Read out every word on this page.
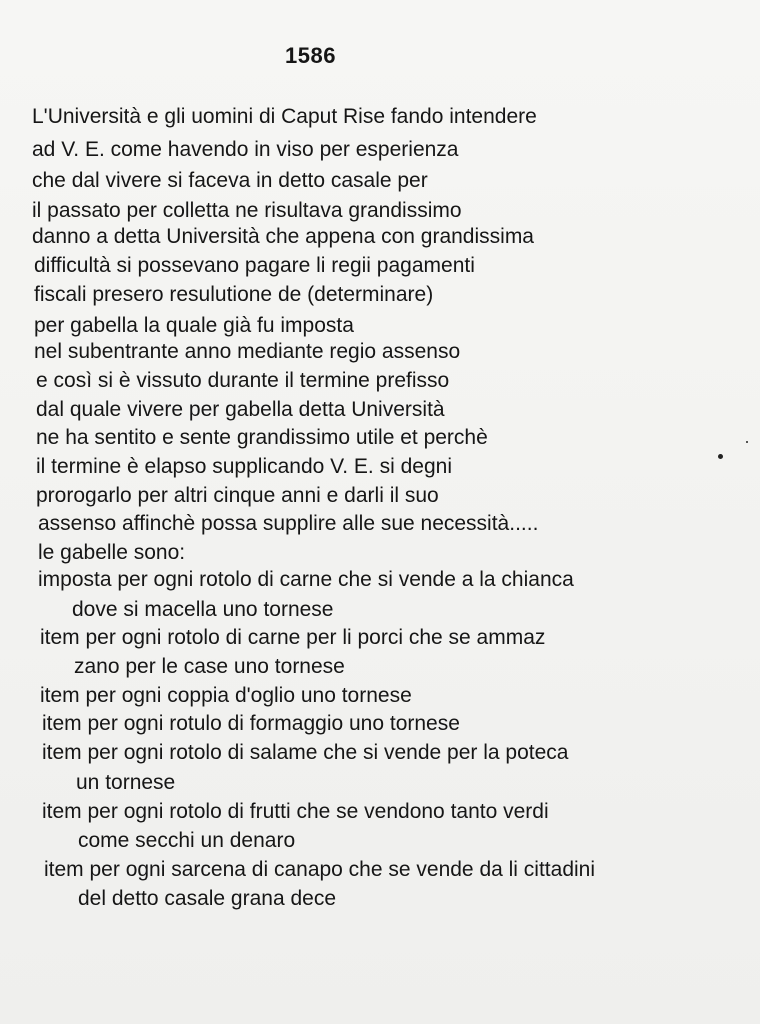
1586
L'Università e gli uomini di Caput Rise fando intendere
ad V. E. come havendo in viso per esperienza
che dal vivere si faceva in detto casale per
il passato per colletta ne risultava grandissimo
danno a detta Università che appena con grandissima
difficultà si possevano pagare li regii pagamenti
fiscali presero resulutione de (determinare)
per gabella la quale già fu imposta
nel subentrante anno mediante regio assenso
e così si è vissuto durante il termine prefisso
dal quale vivere per gabella detta Università
ne ha sentito e sente grandissimo utile et perchè
il termine è elapso supplicando V. E. si degni
prorogarlo per altri cinque anni e darli il suo
assenso affinchè possa supplire alle sue necessità.....
le gabelle sono:
imposta per ogni rotolo di carne che si vende a la chianca
dove si macella uno tornese
item per ogni rotolo di carne per li porci che se ammaz
zano per le case uno tornese
item per ogni coppia d'oglio uno tornese
item per ogni rotulo di formaggio uno tornese
item per ogni rotolo di salame che si vende per la poteca
un tornese
item per ogni rotolo di frutti che se vendono tanto verdi
come secchi un denaro
item per ogni sarcena di canapo che se vende da li cittadini
del detto casale grana dece
